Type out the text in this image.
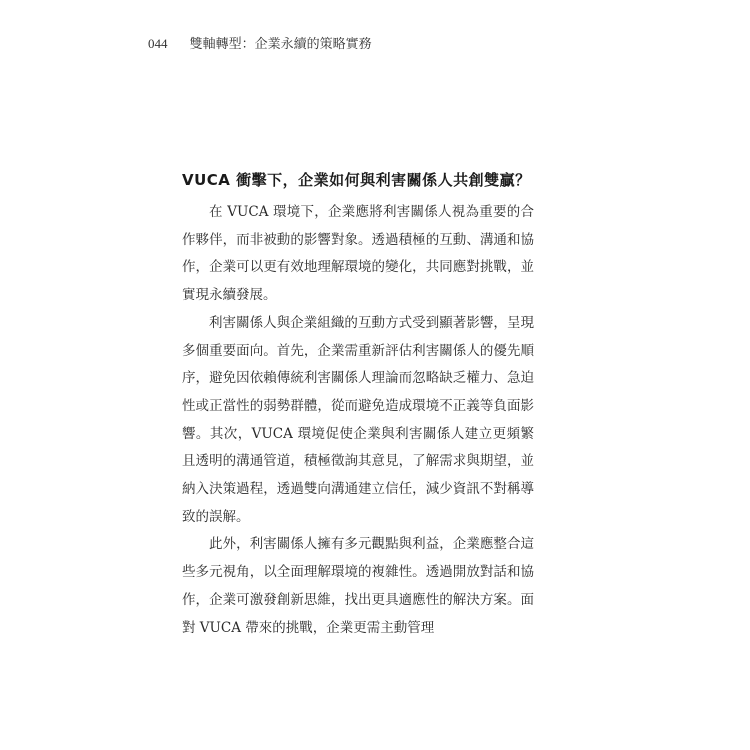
044 雙軸轉型：企業永續的策略實務
VUCA 衝擊下，企業如何與利害關係人共創雙贏？

在 VUCA 環境下，企業應將利害關係人視為重要的合作夥伴，而非被動的影響對象。透過積極的互動、溝通和協作，企業可以更有效地理解環境的變化，共同應對挑戰，並實現永續發展。

利害關係人與企業組織的互動方式受到顯著影響，呈現多個重要面向。首先，企業需重新評估利害關係人的優先順序，避免因依賴傳統利害關係人理論而忽略缺乏權力、急迫性或正當性的弱勢群體，從而避免造成環境不正義等負面影響。其次，VUCA 環境促使企業與利害關係人建立更頻繁且透明的溝通管道，積極徵詢其意見，了解需求與期望，並納入決策過程，透過雙向溝通建立信任，減少資訊不對稱導致的誤解。

此外，利害關係人擁有多元觀點與利益，企業應整合這些多元視角，以全面理解環境的複雜性。透過開放對話和協作，企業可激發創新思維，找出更具適應性的解決方案。面對 VUCA 帶來的挑戰，企業更需主動管理
